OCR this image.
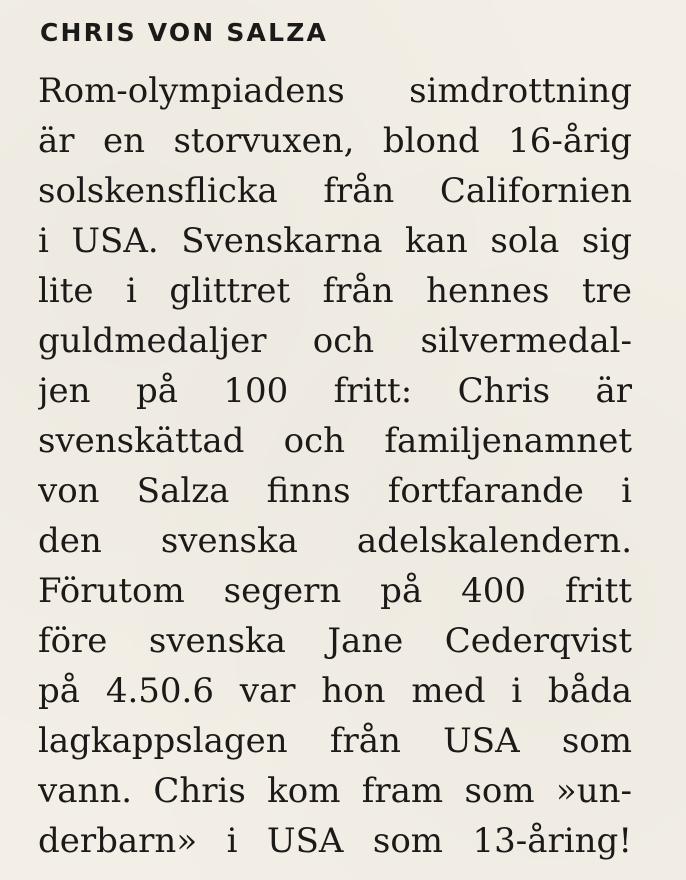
CHRIS VON SALZA
Rom-olympiadens simdrottning
är en storvuxen, blond 16-årig
solskensflicka från Californien
i USA. Svenskarna kan sola sig
lite i glittret från hennes tre
guldmedaljer och silvermedal-
jen på 100 fritt: Chris är
svenskättad och familjenamnet
von Salza finns fortfarande i
den svenska adelskalendern.
Förutom segern på 400 fritt
före svenska Jane Cederqvist
på 4.50.6 var hon med i båda
lagkappslagen från USA som
vann. Chris kom fram som »un-
derbarn» i USA som 13-åring!
